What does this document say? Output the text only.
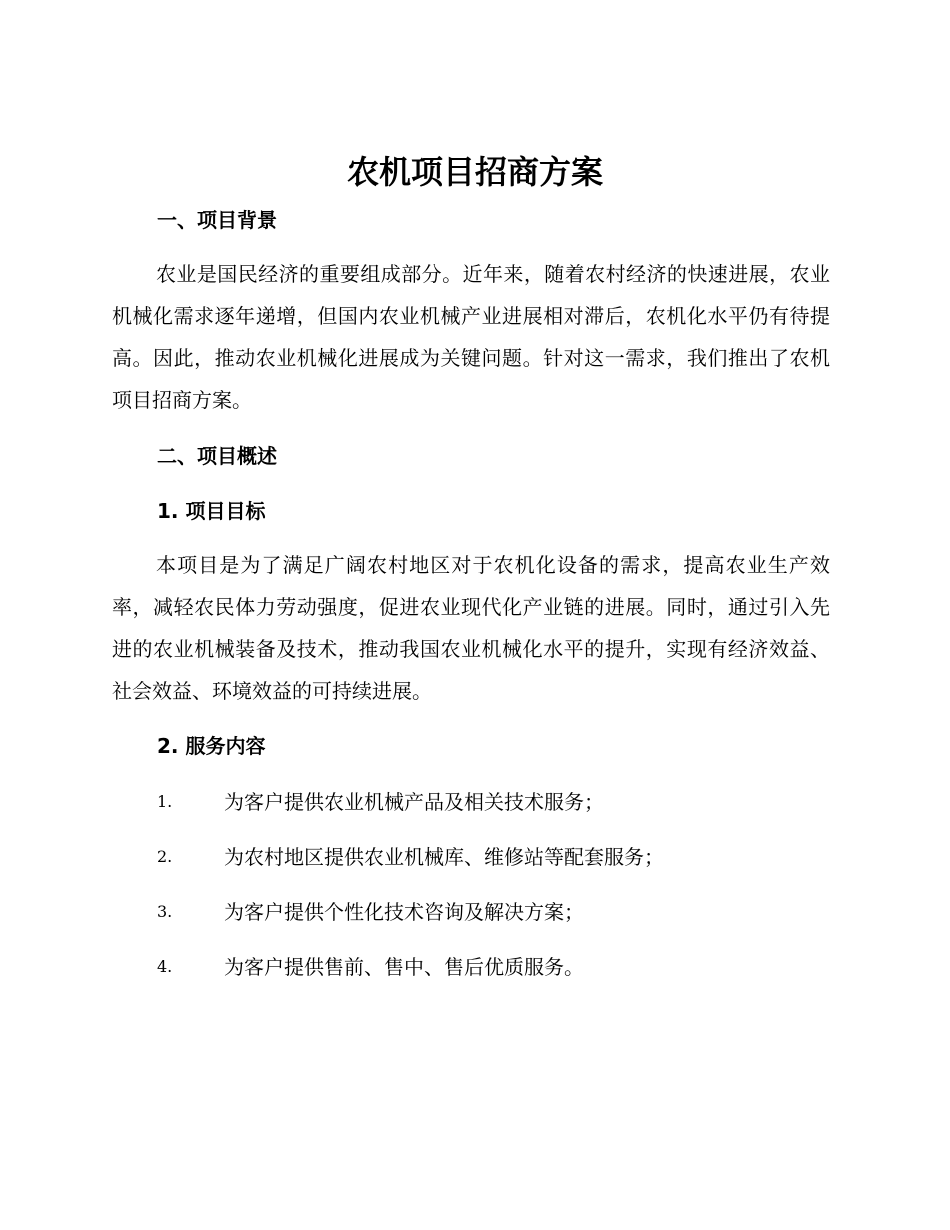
农机项目招商方案
一、项目背景

农业是国民经济的重要组成部分。近年来，随着农村经济的快速进展，农业机械化需求逐年递增，但国内农业机械产业进展相对滞后，农机化水平仍有待提高。因此，推动农业机械化进展成为关键问题。针对这一需求，我们推出了农机项目招商方案。

二、项目概述
1. 项目目标

本项目是为了满足广阔农村地区对于农机化设备的需求，提高农业生产效率，减轻农民体力劳动强度，促进农业现代化产业链的进展。同时，通过引入先进的农业机械装备及技术，推动我国农业机械化水平的提升，实现有经济效益、社会效益、环境效益的可持续进展。

2. 服务内容
1.	为客户提供农业机械产品及相关技术服务；
2.	为农村地区提供农业机械库、维修站等配套服务；
3.	为客户提供个性化技术咨询及解决方案；
4.	为客户提供售前、售中、售后优质服务。
